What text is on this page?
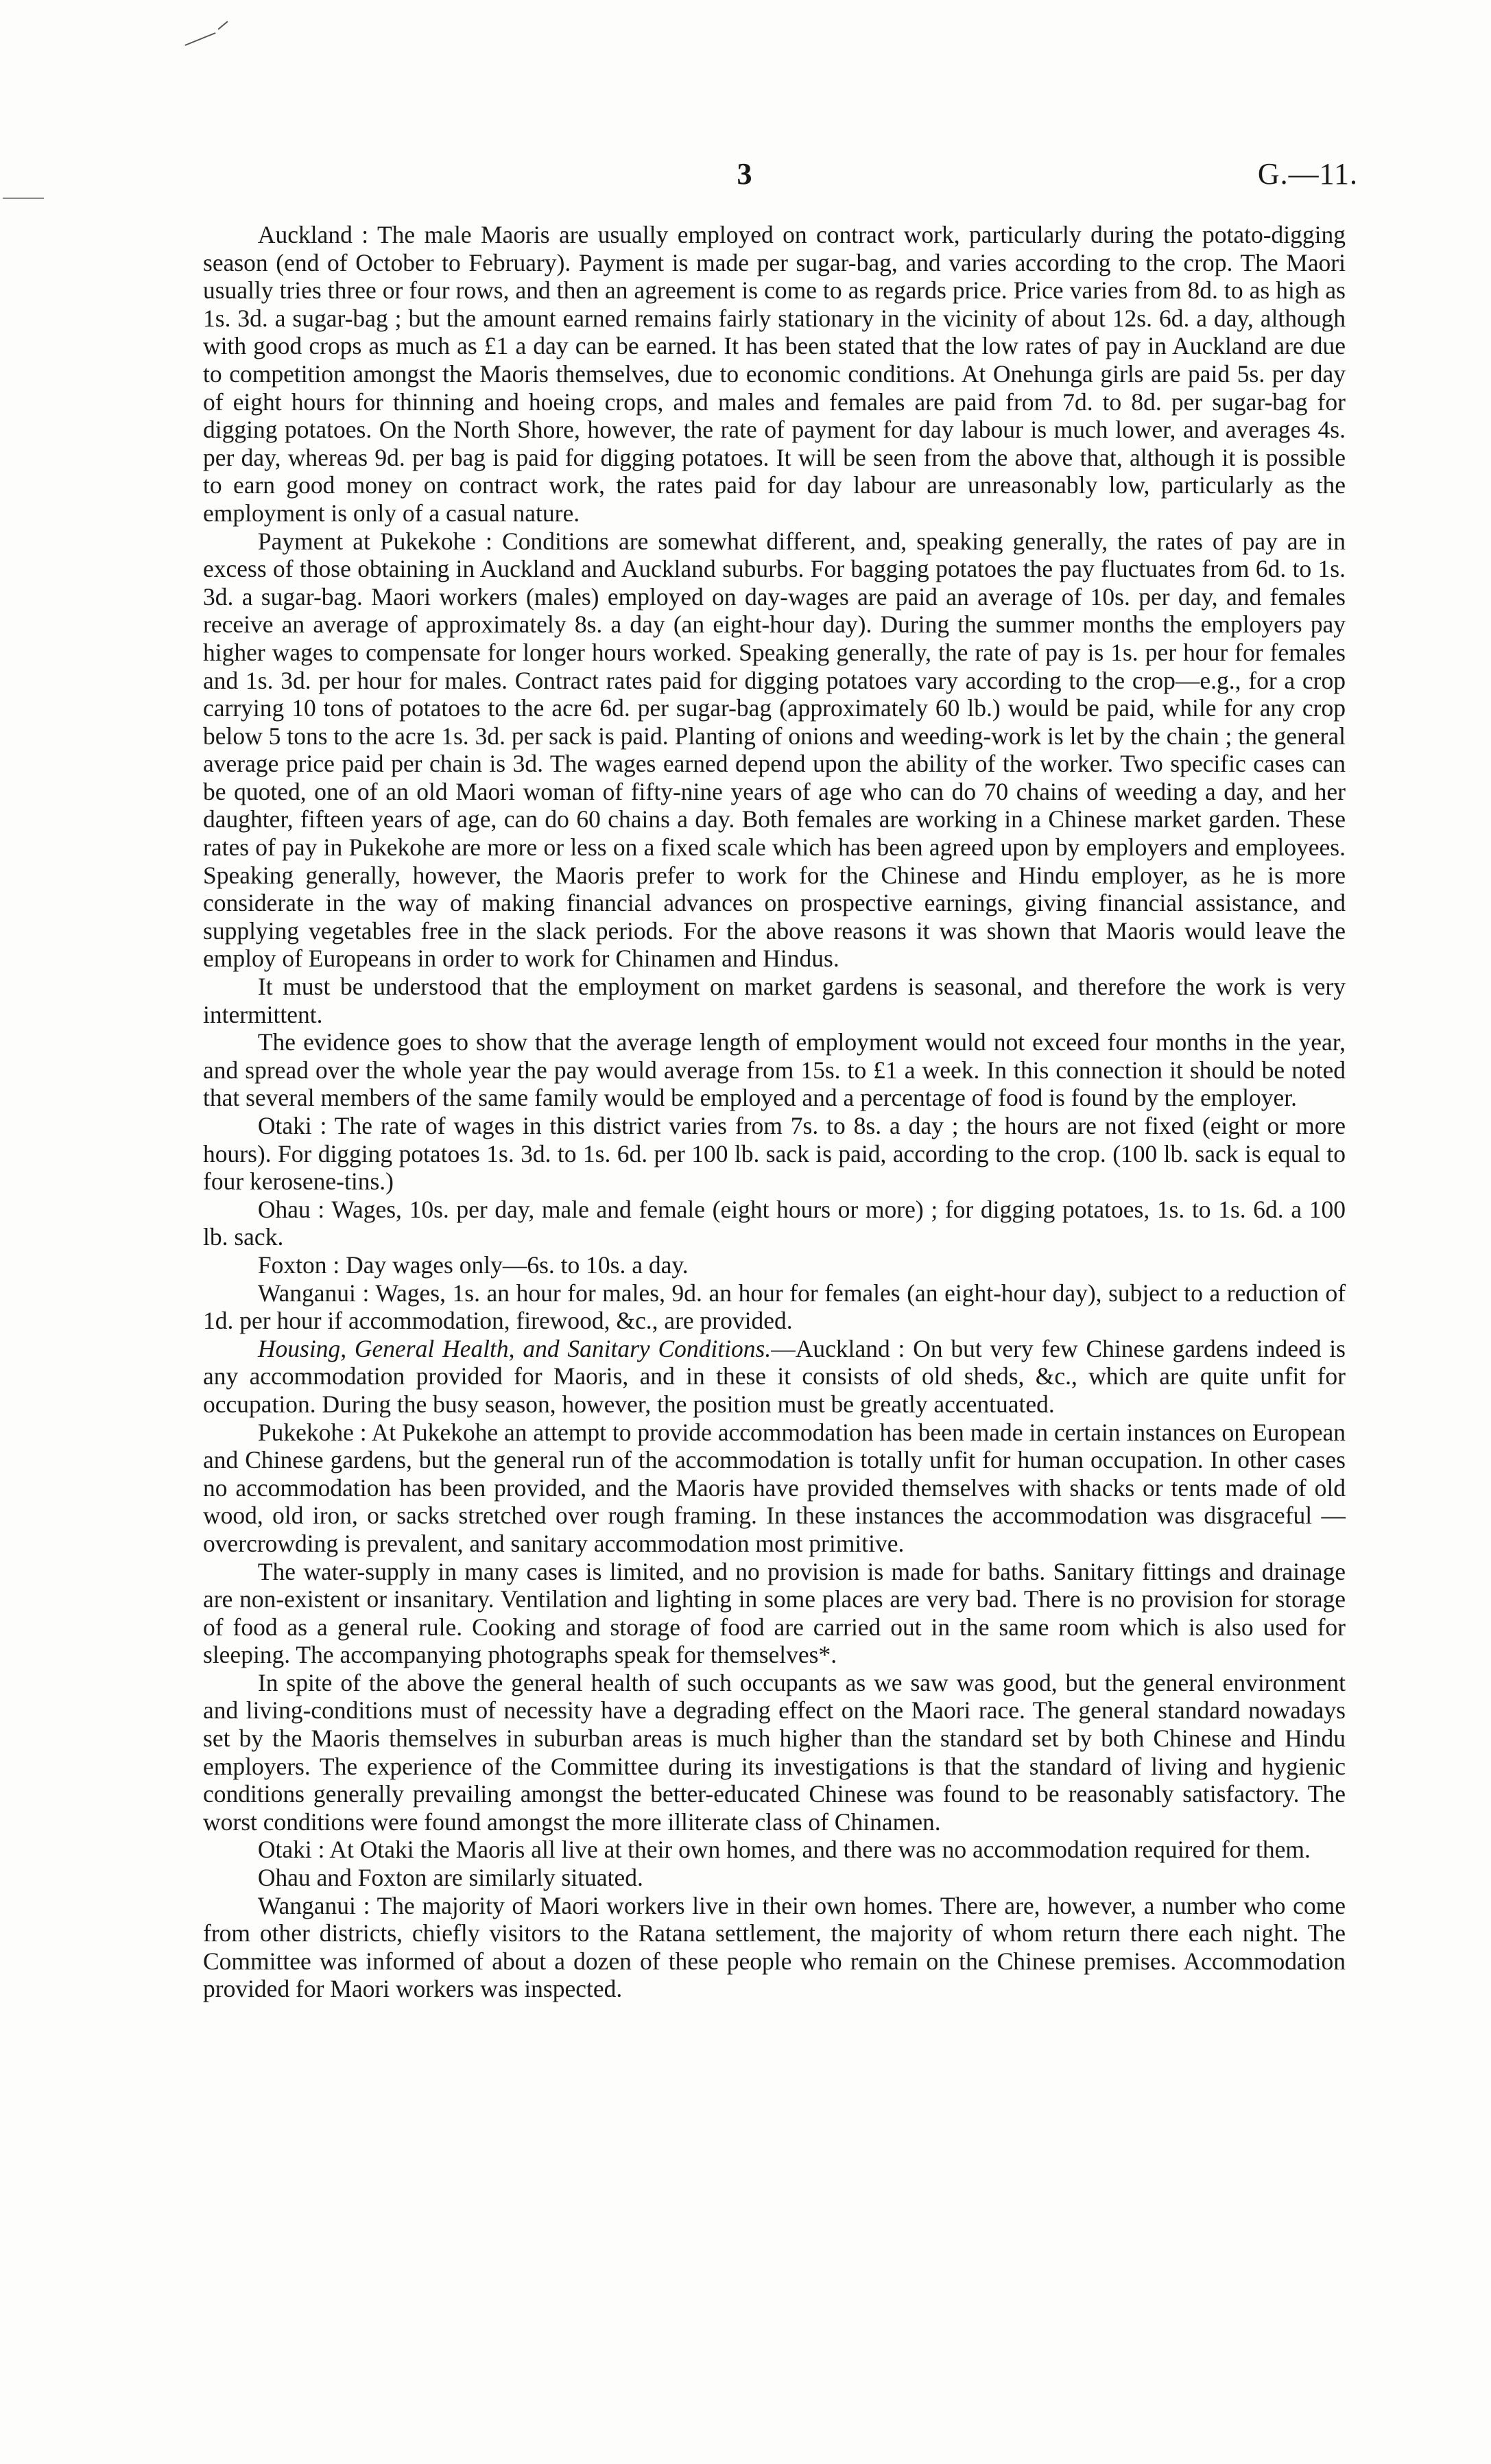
3	G.—11.

Auckland : The male Maoris are usually employed on contract work, particularly during the potato-digging season (end of October to February). Payment is made per sugar-bag, and varies according to the crop. The Maori usually tries three or four rows, and then an agreement is come to as regards price. Price varies from 8d. to as high as 1s. 3d. a sugar-bag ; but the amount earned remains fairly stationary in the vicinity of about 12s. 6d. a day, although with good crops as much as £1 a day can be earned. It has been stated that the low rates of pay in Auckland are due to competition amongst the Maoris themselves, due to economic conditions. At Onehunga girls are paid 5s. per day of eight hours for thinning and hoeing crops, and males and females are paid from 7d. to 8d. per sugar-bag for digging potatoes. On the North Shore, however, the rate of payment for day labour is much lower, and averages 4s. per day, whereas 9d. per bag is paid for digging potatoes. It will be seen from the above that, although it is possible to earn good money on contract work, the rates paid for day labour are unreasonably low, particularly as the employment is only of a casual nature.

Payment at Pukekohe : Conditions are somewhat different, and, speaking generally, the rates of pay are in excess of those obtaining in Auckland and Auckland suburbs. For bagging potatoes the pay fluctuates from 6d. to 1s. 3d. a sugar-bag. Maori workers (males) employed on day-wages are paid an average of 10s. per day, and females receive an average of approximately 8s. a day (an eight-hour day). During the summer months the employers pay higher wages to compensate for longer hours worked. Speaking generally, the rate of pay is 1s. per hour for females and 1s. 3d. per hour for males. Contract rates paid for digging potatoes vary according to the crop—e.g., for a crop carrying 10 tons of potatoes to the acre 6d. per sugar-bag (approximately 60 lb.) would be paid, while for any crop below 5 tons to the acre 1s. 3d. per sack is paid. Planting of onions and weeding-work is let by the chain ; the general average price paid per chain is 3d. The wages earned depend upon the ability of the worker. Two specific cases can be quoted, one of an old Maori woman of fifty-nine years of age who can do 70 chains of weeding a day, and her daughter, fifteen years of age, can do 60 chains a day. Both females are working in a Chinese market garden. These rates of pay in Pukekohe are more or less on a fixed scale which has been agreed upon by employers and employees. Speaking generally, however, the Maoris prefer to work for the Chinese and Hindu employer, as he is more considerate in the way of making financial advances on prospective earnings, giving financial assistance, and supplying vegetables free in the slack periods. For the above reasons it was shown that Maoris would leave the employ of Europeans in order to work for Chinamen and Hindus.

It must be understood that the employment on market gardens is seasonal, and therefore the work is very intermittent.

The evidence goes to show that the average length of employment would not exceed four months in the year, and spread over the whole year the pay would average from 15s. to £1 a week. In this connection it should be noted that several members of the same family would be employed and a percentage of food is found by the employer.

Otaki : The rate of wages in this district varies from 7s. to 8s. a day ; the hours are not fixed (eight or more hours). For digging potatoes 1s. 3d. to 1s. 6d. per 100 lb. sack is paid, according to the crop. (100 lb. sack is equal to four kerosene-tins.)

Ohau : Wages, 10s. per day, male and female (eight hours or more) ; for digging potatoes, 1s. to 1s. 6d. a 100 lb. sack.

Foxton : Day wages only—6s. to 10s. a day.

Wanganui : Wages, 1s. an hour for males, 9d. an hour for females (an eight-hour day), subject to a reduction of 1d. per hour if accommodation, firewood, &c., are provided.

Housing, General Health, and Sanitary Conditions.—Auckland : On but very few Chinese gardens indeed is any accommodation provided for Maoris, and in these it consists of old sheds, &c., which are quite unfit for occupation. During the busy season, however, the position must be greatly accentuated.

Pukekohe : At Pukekohe an attempt to provide accommodation has been made in certain instances on European and Chinese gardens, but the general run of the accommodation is totally unfit for human occupation. In other cases no accommodation has been provided, and the Maoris have provided themselves with shacks or tents made of old wood, old iron, or sacks stretched over rough framing. In these instances the accommodation was disgraceful — overcrowding is prevalent, and sanitary accommodation most primitive.

The water-supply in many cases is limited, and no provision is made for baths. Sanitary fittings and drainage are non-existent or insanitary. Ventilation and lighting in some places are very bad. There is no provision for storage of food as a general rule. Cooking and storage of food are carried out in the same room which is also used for sleeping. The accompanying photographs speak for themselves*.

In spite of the above the general health of such occupants as we saw was good, but the general environment and living-conditions must of necessity have a degrading effect on the Maori race. The general standard nowadays set by the Maoris themselves in suburban areas is much higher than the standard set by both Chinese and Hindu employers. The experience of the Committee during its investigations is that the standard of living and hygienic conditions generally prevailing amongst the better-educated Chinese was found to be reasonably satisfactory. The worst conditions were found amongst the more illiterate class of Chinamen.

Otaki : At Otaki the Maoris all live at their own homes, and there was no accommodation required for them.

Ohau and Foxton are similarly situated.

Wanganui : The majority of Maori workers live in their own homes. There are, however, a number who come from other districts, chiefly visitors to the Ratana settlement, the majority of whom return there each night. The Committee was informed of about a dozen of these people who remain on the Chinese premises. Accommodation provided for Maori workers was inspected.
